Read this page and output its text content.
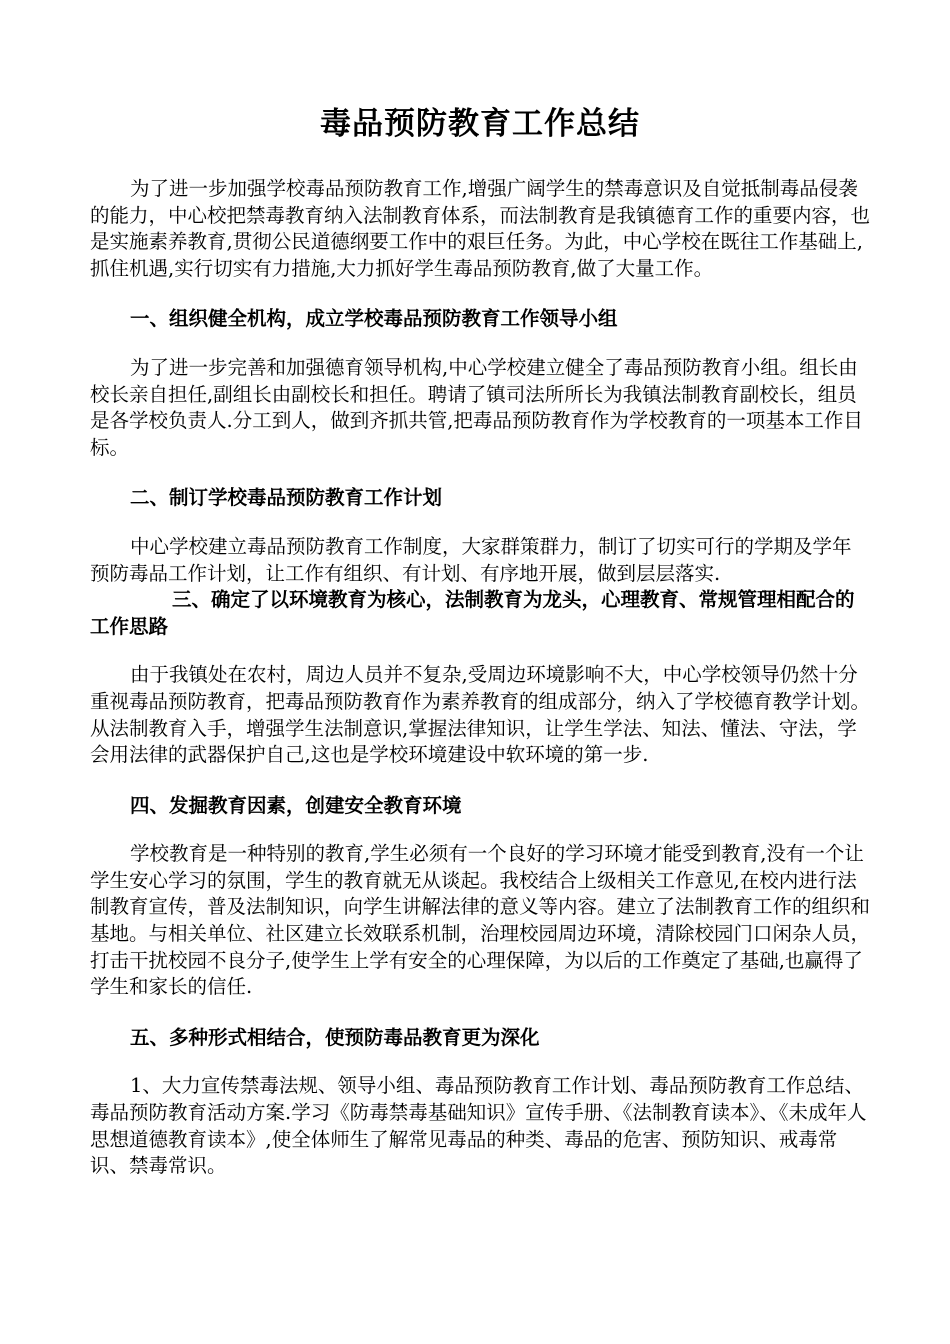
毒品预防教育工作总结

为了进一步加强学校毒品预防教育工作,增强广阔学生的禁毒意识及自觉抵制毒品侵袭的能力，中心校把禁毒教育纳入法制教育体系，而法制教育是我镇德育工作的重要内容，也是实施素养教育,贯彻公民道德纲要工作中的艰巨任务。为此，中心学校在既往工作基础上,抓住机遇,实行切实有力措施,大力抓好学生毒品预防教育,做了大量工作。

一、组织健全机构，成立学校毒品预防教育工作领导小组

为了进一步完善和加强德育领导机构,中心学校建立健全了毒品预防教育小组。组长由校长亲自担任,副组长由副校长和担任。聘请了镇司法所所长为我镇法制教育副校长，组员是各学校负责人.分工到人，做到齐抓共管,把毒品预防教育作为学校教育的一项基本工作目标。

二、制订学校毒品预防教育工作计划

中心学校建立毒品预防教育工作制度，大家群策群力，制订了切实可行的学期及学年预防毒品工作计划，让工作有组织、有计划、有序地开展，做到层层落实.

三、确定了以环境教育为核心，法制教育为龙头，心理教育、常规管理相配合的工作思路

由于我镇处在农村，周边人员并不复杂,受周边环境影响不大，中心学校领导仍然十分重视毒品预防教育，把毒品预防教育作为素养教育的组成部分，纳入了学校德育教学计划。从法制教育入手，增强学生法制意识,掌握法律知识，让学生学法、知法、懂法、守法，学会用法律的武器保护自己,这也是学校环境建设中软环境的第一步.

四、发掘教育因素，创建安全教育环境

学校教育是一种特别的教育,学生必须有一个良好的学习环境才能受到教育,没有一个让学生安心学习的氛围，学生的教育就无从谈起。我校结合上级相关工作意见,在校内进行法制教育宣传，普及法制知识，向学生讲解法律的意义等内容。建立了法制教育工作的组织和基地。与相关单位、社区建立长效联系机制，治理校园周边环境，清除校园门口闲杂人员，打击干扰校园不良分子,使学生上学有安全的心理保障，为以后的工作奠定了基础,也赢得了学生和家长的信任.

五、多种形式相结合，使预防毒品教育更为深化

1、大力宣传禁毒法规、领导小组、毒品预防教育工作计划、毒品预防教育工作总结、毒品预防教育活动方案.学习《防毒禁毒基础知识》宣传手册、《法制教育读本》、《未成年人思想道德教育读本》,使全体师生了解常见毒品的种类、毒品的危害、预防知识、戒毒常识、禁毒常识。
